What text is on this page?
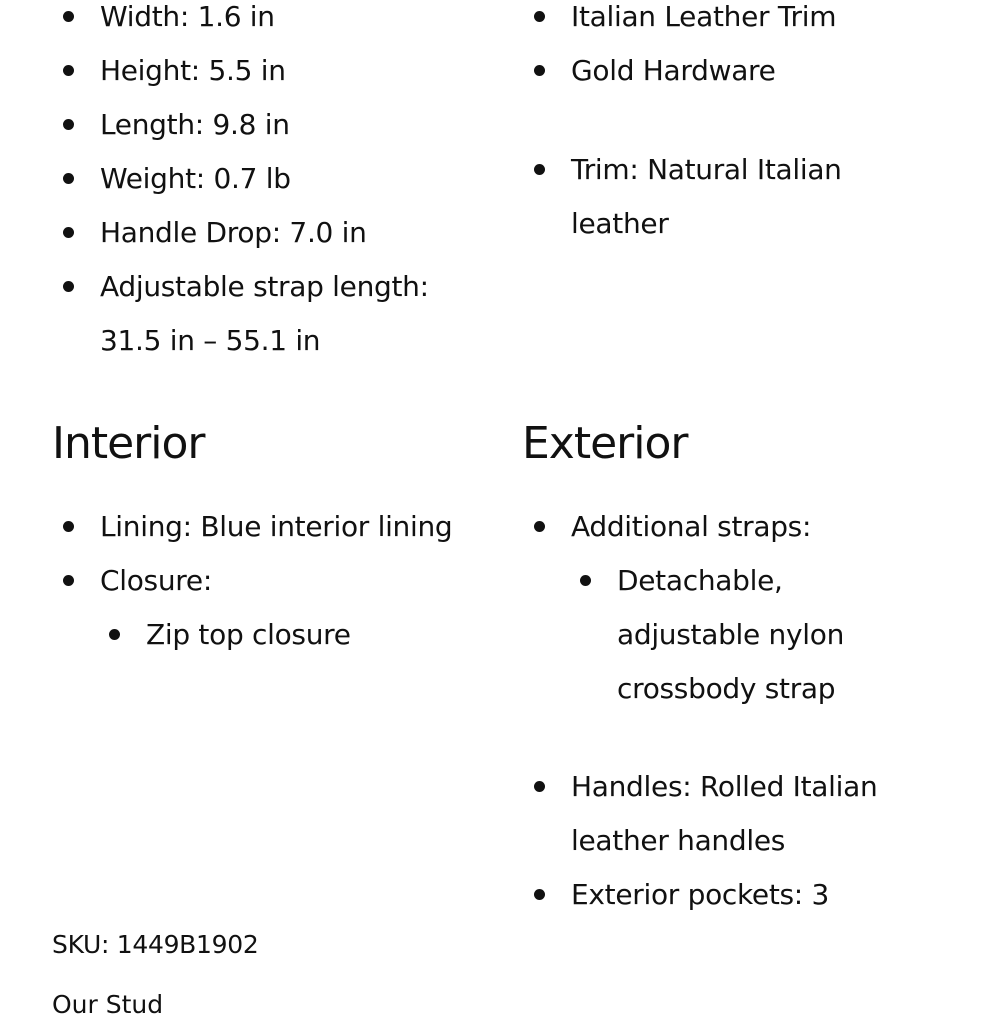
Width: 1.6 in
Height: 5.5 in
Length: 9.8 in
Weight: 0.7 lb
Handle Drop: 7.0 in
Adjustable strap length: 31.5 in – 55.1 in
Italian Leather Trim
Gold Hardware
Trim: Natural Italian leather
Interior
Lining: Blue interior lining
Closure:
Zip top closure
Exterior
Additional straps:
Detachable, adjustable nylon crossbody strap
Handles: Rolled Italian leather handles
Exterior pockets: 3
SKU: 1449B1902
Our Stud
